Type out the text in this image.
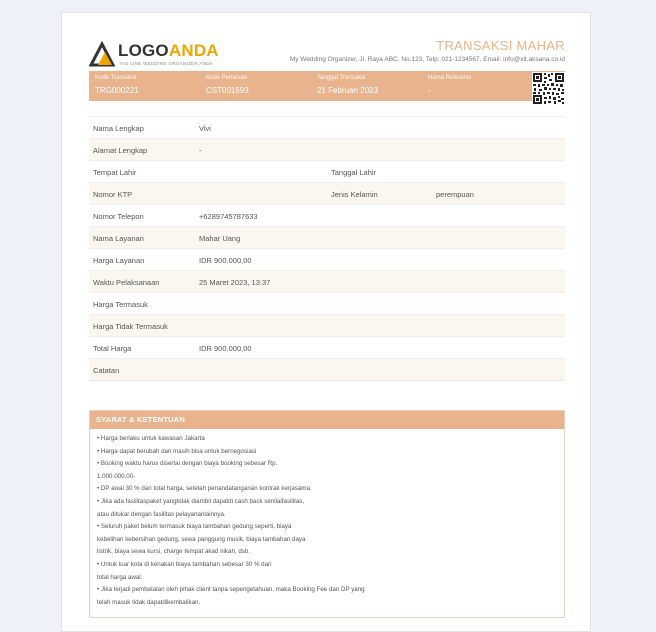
LOGOANDA
TAG LINE WEDDING ORGANIZER ANDA
TRANSAKSI MAHAR
My Wedding Organizer, Jl. Raya ABC. No.123, Telp: 021-1234567, Email: info@xit.aksana.co.id
Kode Transaksi
TRG000221
Kode Pemesan
CST001593
Tanggal Transaksi
21 Februari 2023
Nama Referensi
-
Nama Lengkap	Vivi
Alamat Lengkap	-
Tempat Lahir	Tanggal Lahir
Nomor KTP	Jenis Kelamin	perempuan
Nomor Telepon	+6289745787633
Nama Layanan	Mahar Uang
Harga Layanan	IDR 900.000,00
Waktu Pelaksanaan	25 Maret 2023, 13:37
Harga Termasuk
Harga Tidak Termasuk
Total Harga	IDR 900.000,00
Catatan
SYARAT & KETENTUAN
• Harga berlaku untuk kawasan Jakarta
• Harga dapat berubah dan masih bisa untuk bernegosiasi
• Booking waktu harus disertai dengan biaya booking sebesar Rp.
1.000.000,00-
• DP awal 30 % dari total harga, setelah penandatanganan kontrak kerjasama.
• Jika ada fasilitaspaket yangtidak diambil dapatdi cash back senilaifasilitas,
atau ditukar dengan fasilitas pelayananlainnya.
• Seluruh paket belum termasuk biaya tambahan gedung seperti, biaya
kebelihan kebersihan gedung, sewa panggung musik, biaya tambahan daya
listrik, biaya sewa kursi, charge tempat akad nikah, dsb.
• Untuk luar kota di kenakan biaya tambahan sebesar 30 % dari
total harga awal.
• Jika terjadi pembatalan oleh pihak client tanpa sepengetahuan, maka Booking Fee dan DP yang
telah masuk tidak dapatdikembalikan.
